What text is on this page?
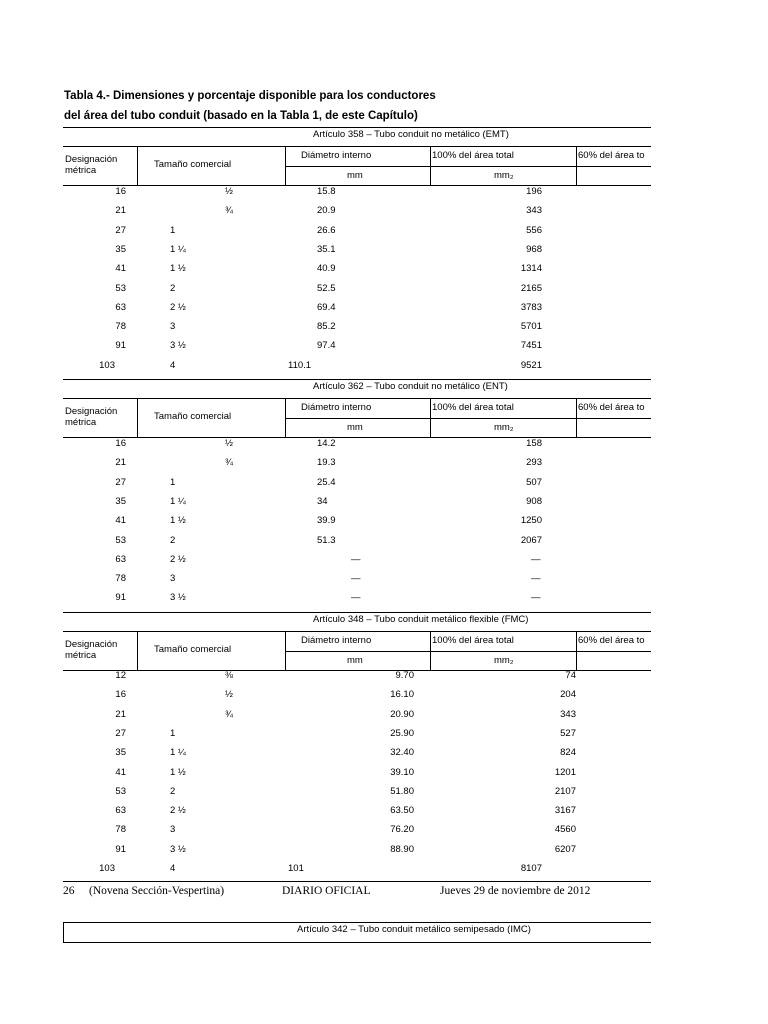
Tabla 4.- Dimensiones y porcentaje disponible para los conductores
del área del tubo conduit (basado en la Tabla 1, de este Capítulo)
26 (Novena Sección-Vespertina)	DIARIO OFICIAL	Jueves 29 de noviembre de 2012
Artículo 342 – Tubo conduit metálico semipesado (IMC)
Artículo 358 – Tubo conduit no metálico (EMT)
Designación
métrica
Tamaño comercial
Diámetro interno	100% del área total	60% del área to
mm	mm₂
16	½	15.8	196
21	¾	20.9	343
27	1	26.6	556
35	1 ¼	35.1	968
41	1 ½	40.9	1314
53	2	52.5	2165
63	2 ½	69.4	3783
78	3	85.2	5701
91	3 ½	97.4	7451
103	4	110.1	9521
Artículo 362 – Tubo conduit no metálico (ENT)
Designación
métrica
Tamaño comercial
Diámetro interno	100% del área total	60% del área to
mm	mm₂
16	½	14.2	158
21	¾	19.3	293
27	1	25.4	507
35	1 ¼	34	908
41	1 ½	39.9	1250
53	2	51.3	2067
63	2 ½	—	—
78	3	—	—
91	3 ½	—	—
Artículo 348 – Tubo conduit metálico flexible (FMC)
Designación
métrica
Tamaño comercial
Diámetro interno	100% del área total	60% del área to
mm	mm₂
12	⅜	9.70	74
16	½	16.10	204
21	¾	20.90	343
27	1	25.90	527
35	1 ¼	32.40	824
41	1 ½	39.10	1201
53	2	51.80	2107
63	2 ½	63.50	3167
78	3	76.20	4560
91	3 ½	88.90	6207
103	4	101	8107
